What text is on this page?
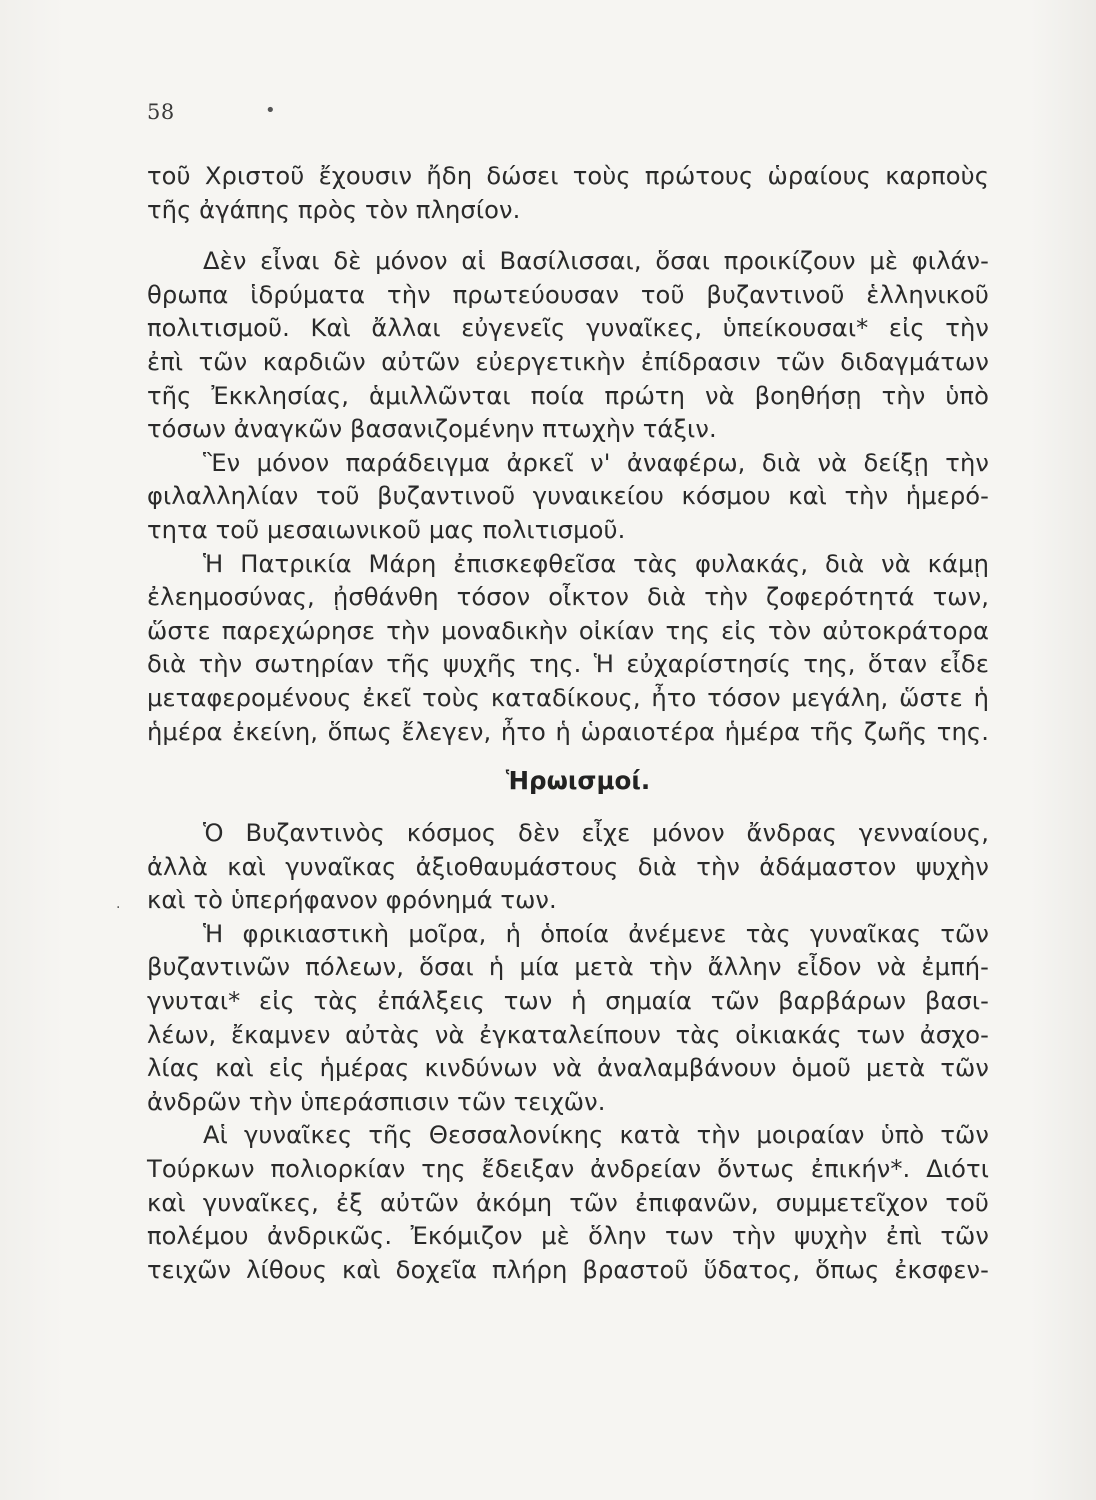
58	•
·
τοῦ Χριστοῦ ἔχουσιν ἤδη δώσει τοὺς πρώτους ὡραίους καρποὺς
τῆς ἀγάπης πρὸς τὸν πλησίον.
Δὲν εἶναι δὲ μόνον αἱ Βασίλισσαι, ὅσαι προικίζουν μὲ φιλάν-
θρωπα ἱδρύματα τὴν πρωτεύουσαν τοῦ βυζαντινοῦ ἑλληνικοῦ
πολιτισμοῦ. Καὶ ἄλλαι εὐγενεῖς γυναῖκες, ὑπείκουσαι* εἰς τὴν
ἐπὶ τῶν καρδιῶν αὐτῶν εὐεργετικὴν ἐπίδρασιν τῶν διδαγμάτων
τῆς Ἐκκλησίας, ἁμιλλῶνται ποία πρώτη νὰ βοηθήσῃ τὴν ὑπὸ
τόσων ἀναγκῶν βασανιζομένην πτωχὴν τάξιν.
Ἓν μόνον παράδειγμα ἀρκεῖ ν' ἀναφέρω, διὰ νὰ δείξῃ τὴν
φιλαλληλίαν τοῦ βυζαντινοῦ γυναικείου κόσμου καὶ τὴν ἡμερό-
τητα τοῦ μεσαιωνικοῦ μας πολιτισμοῦ.
Ἡ Πατρικία Μάρη ἐπισκεφθεῖσα τὰς φυλακάς, διὰ νὰ κάμῃ
ἐλεημοσύνας, ᾐσθάνθη τόσον οἶκτον διὰ τὴν ζοφερότητά των,
ὥστε παρεχώρησε τὴν μοναδικὴν οἰκίαν της εἰς τὸν αὐτοκράτορα
διὰ τὴν σωτηρίαν τῆς ψυχῆς της. Ἡ εὐχαρίστησίς της, ὅταν εἶδε
μεταφερομένους ἐκεῖ τοὺς καταδίκους, ἦτο τόσον μεγάλη, ὥστε ἡ
ἡμέρα ἐκείνη, ὅπως ἔλεγεν, ἦτο ἡ ὡραιοτέρα ἡμέρα τῆς ζωῆς της.
Ἡρωισμοί.
Ὁ Βυζαντινὸς κόσμος δὲν εἶχε μόνον ἄνδρας γενναίους,
ἀλλὰ καὶ γυναῖκας ἀξιοθαυμάστους διὰ τὴν ἀδάμαστον ψυχὴν
καὶ τὸ ὑπερήφανον φρόνημά των.
Ἡ φρικιαστικὴ μοῖρα, ἡ ὁποία ἀνέμενε τὰς γυναῖκας τῶν
βυζαντινῶν πόλεων, ὅσαι ἡ μία μετὰ τὴν ἄλλην εἶδον νὰ ἐμπή-
γνυται* εἰς τὰς ἐπάλξεις των ἡ σημαία τῶν βαρβάρων βασι-
λέων, ἔκαμνεν αὐτὰς νὰ ἐγκαταλείπουν τὰς οἰκιακάς των ἀσχο-
λίας καὶ εἰς ἡμέρας κινδύνων νὰ ἀναλαμβάνουν ὁμοῦ μετὰ τῶν
ἀνδρῶν τὴν ὑπεράσπισιν τῶν τειχῶν.
Αἱ γυναῖκες τῆς Θεσσαλονίκης κατὰ τὴν μοιραίαν ὑπὸ τῶν
Τούρκων πολιορκίαν της ἔδειξαν ἀνδρείαν ὄντως ἐπικήν*. Διότι
καὶ γυναῖκες, ἐξ αὐτῶν ἀκόμη τῶν ἐπιφανῶν, συμμετεῖχον τοῦ
πολέμου ἀνδρικῶς. Ἐκόμιζον μὲ ὅλην των τὴν ψυχὴν ἐπὶ τῶν
τειχῶν λίθους καὶ δοχεῖα πλήρη βραστοῦ ὕδατος, ὅπως ἐκσφεν-
